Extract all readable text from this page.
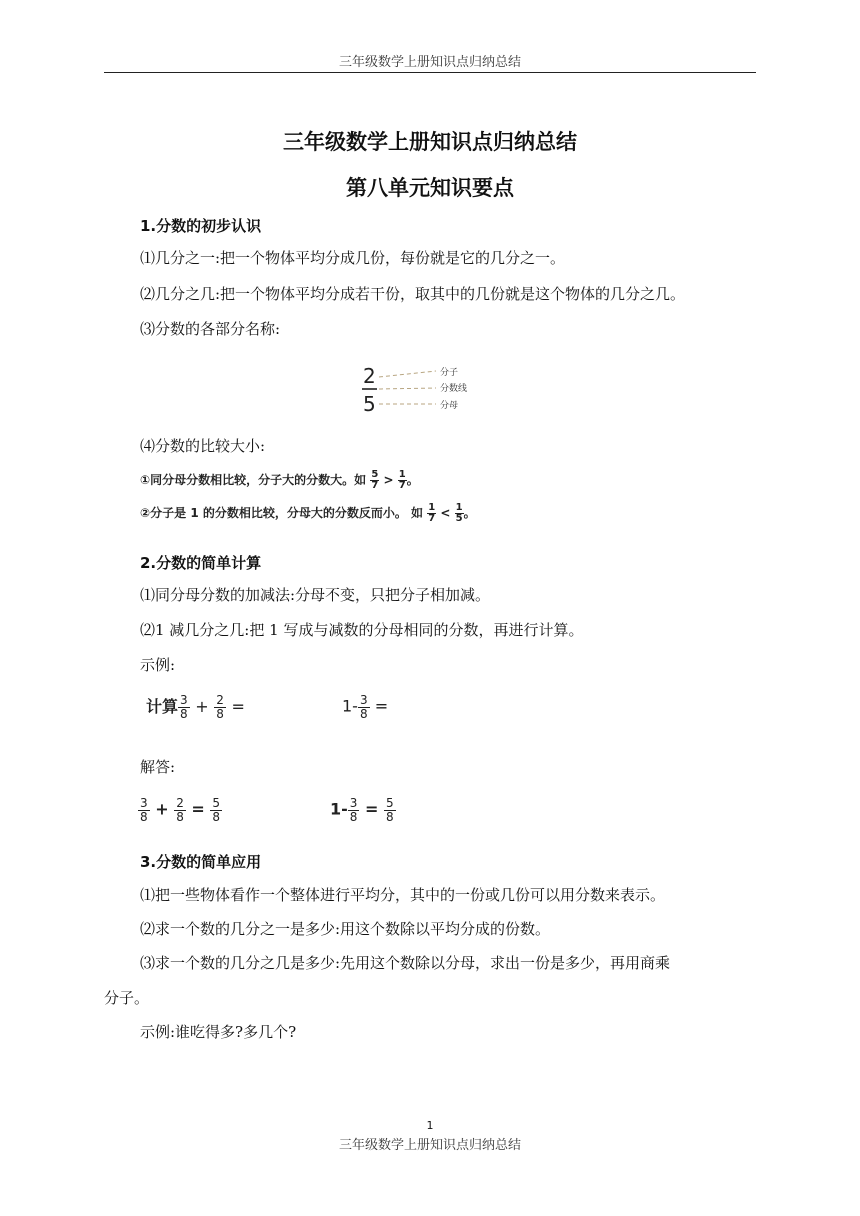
三年级数学上册知识点归纳总结
三年级数学上册知识点归纳总结
第八单元知识要点
1.分数的初步认识
⑴几分之一:把一个物体平均分成几份，每份就是它的几分之一。
⑵几分之几:把一个物体平均分成若干份，取其中的几份就是这个物体的几分之几。
⑶分数的各部分名称:
2
5
分子
分数线
分母
⑷分数的比较大小:
①同分母分数相比较，分子大的分数大。如 $\frac{5}{7} > \frac{1}{7}$ 。
②分子是 1 的分数相比较，分母大的分数反而小。 如 $\frac{1}{7} < \frac{1}{5}$ 。
2.分数的简单计算
⑴同分母分数的加减法:分母不变，只把分子相加减。
⑵1 减几分之几:把 1 写成与减数的分母相同的分数，再进行计算。
示例:
计算 $\frac{3}{8} + \frac{2}{8}$ =	$1- \frac{3}{8}$ =
解答:
$\frac{3}{8} + \frac{2}{8} = \frac{5}{8}$	$1- \frac{3}{8} = \frac{5}{8}$
3.分数的简单应用
⑴把一些物体看作一个整体进行平均分，其中的一份或几份可以用分数来表示。
⑵求一个数的几分之一是多少:用这个数除以平均分成的份数。
⑶求一个数的几分之几是多少:先用这个数除以分母，求出一份是多少，再用商乘
分子。
示例:谁吃得多?多几个?
1
三年级数学上册知识点归纳总结
